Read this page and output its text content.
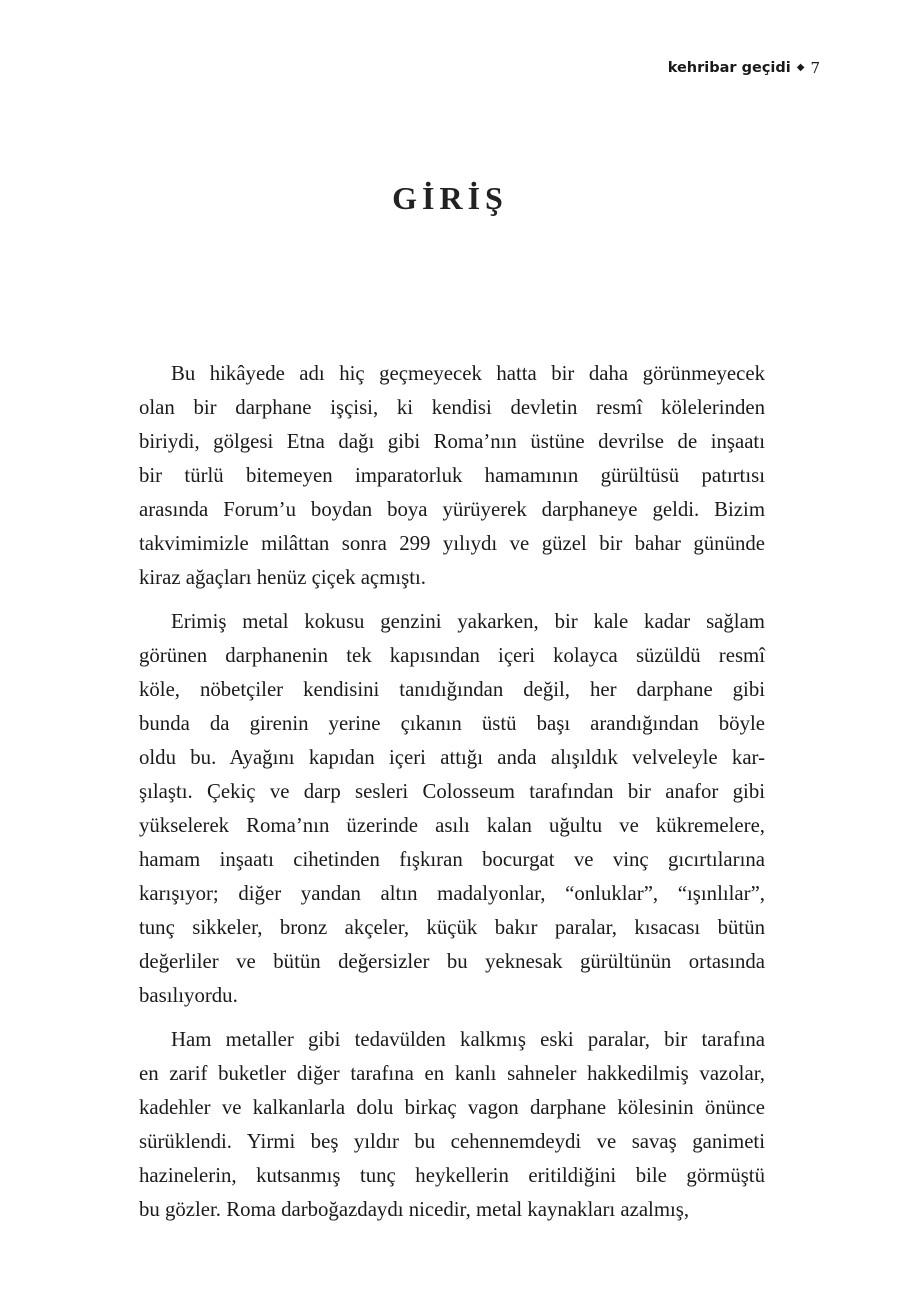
kehribar geçidi ◆ 7
GİRİŞ
Bu hikâyede adı hiç geçmeyecek hatta bir daha görünmeyecek
olan bir darphane işçisi, ki kendisi devletin resmî kölelerinden
biriydi, gölgesi Etna dağı gibi Roma’nın üstüne devrilse de inşaatı
bir türlü bitemeyen imparatorluk hamamının gürültüsü patırtısı
arasında Forum’u boydan boya yürüyerek darphaneye geldi. Bizim
takvimimizle milâttan sonra 299 yılıydı ve güzel bir bahar gününde
kiraz ağaçları henüz çiçek açmıştı.
Erimiş metal kokusu genzini yakarken, bir kale kadar sağlam
görünen darphanenin tek kapısından içeri kolayca süzüldü resmî
köle, nöbetçiler kendisini tanıdığından değil, her darphane gibi
bunda da girenin yerine çıkanın üstü başı arandığından böyle
oldu bu. Ayağını kapıdan içeri attığı anda alışıldık velveleyle kar-
şılaştı. Çekiç ve darp sesleri Colosseum tarafından bir anafor gibi
yükselerek Roma’nın üzerinde asılı kalan uğultu ve kükremelere,
hamam inşaatı cihetinden fışkıran bocurgat ve vinç gıcırtılarına
karışıyor; diğer yandan altın madalyonlar, “onluklar”, “ışınlılar”,
tunç sikkeler, bronz akçeler, küçük bakır paralar, kısacası bütün
değerliler ve bütün değersizler bu yeknesak gürültünün ortasında
basılıyordu.
Ham metaller gibi tedavülden kalkmış eski paralar, bir tarafına
en zarif buketler diğer tarafına en kanlı sahneler hakkedilmiş vazolar,
kadehler ve kalkanlarla dolu birkaç vagon darphane kölesinin önünce
sürüklendi. Yirmi beş yıldır bu cehennemdeydi ve savaş ganimeti
hazinelerin, kutsanmış tunç heykellerin eritildiğini bile görmüştü
bu gözler. Roma darboğazdaydı nicedir, metal kaynakları azalmış,
